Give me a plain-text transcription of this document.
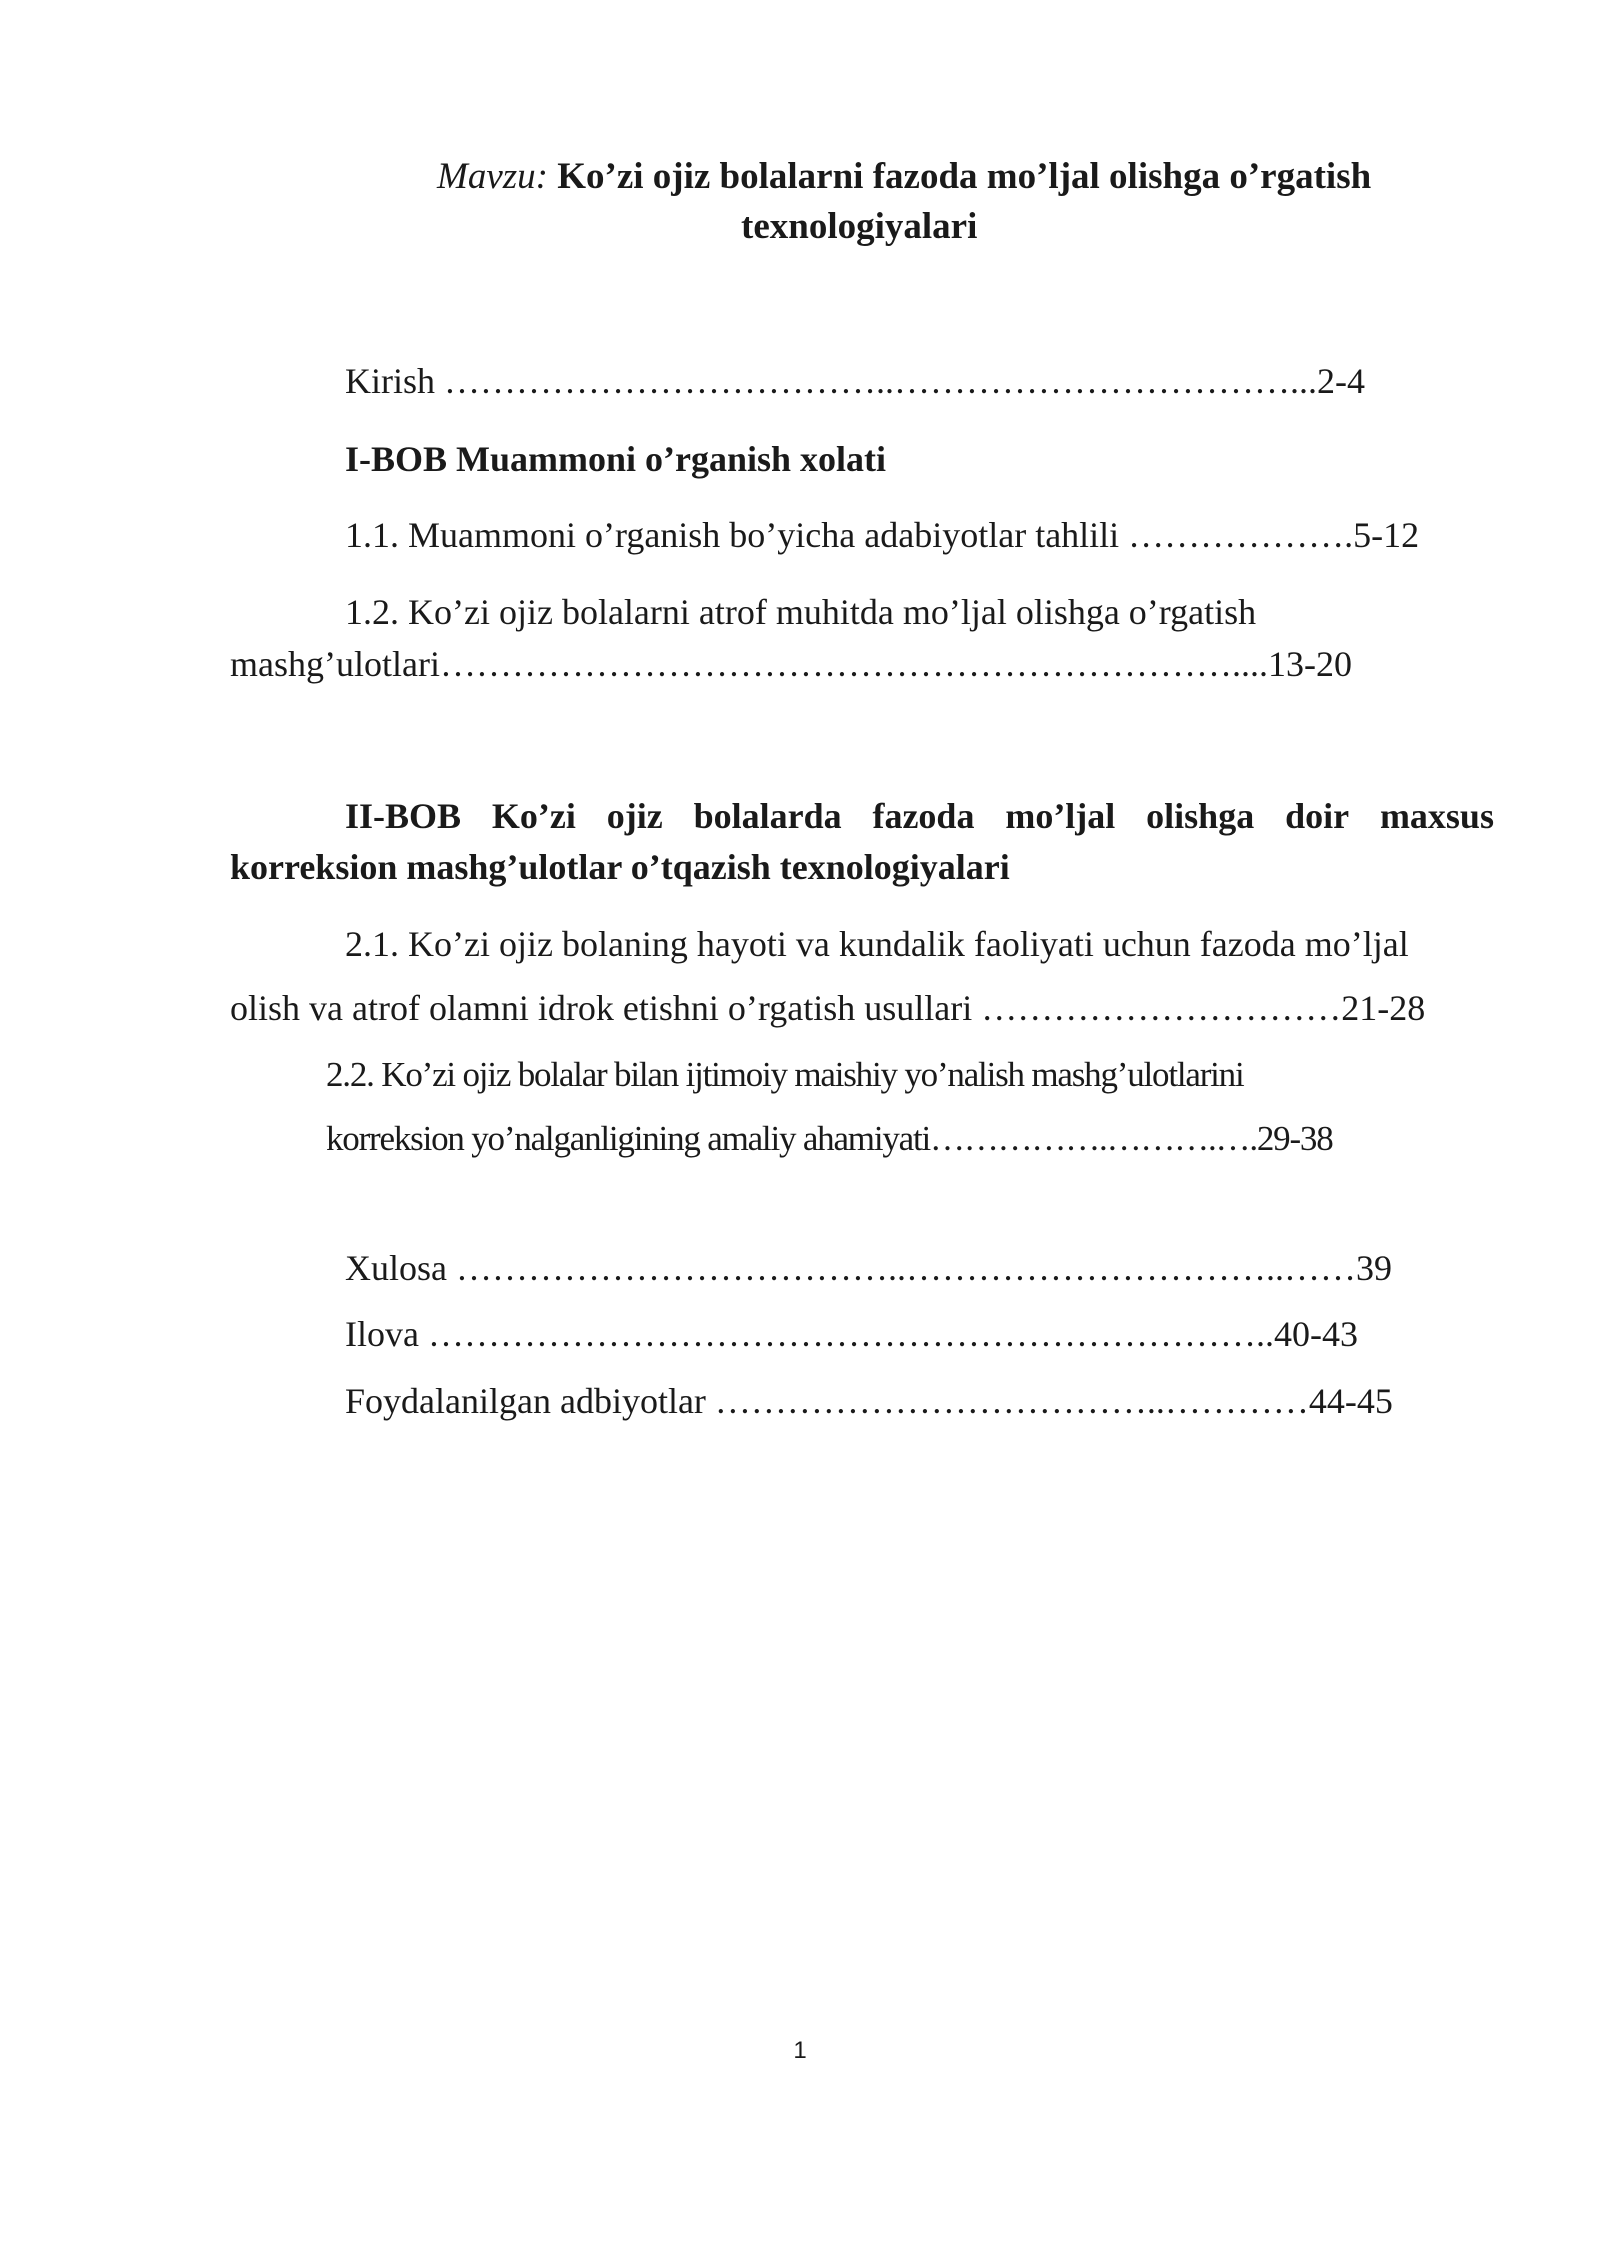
Mavzu: Ko’zi ojiz bolalarni fazoda mo’ljal olishga o’rgatish
texnologiyalari
Kirish ………………………………..……………………………...2-4
I-BOB Muammoni o’rganish xolati
1.1. Muammoni o’rganish bo’yicha adabiyotlar tahlili ……………….5-12
1.2. Ko’zi ojiz bolalarni atrof muhitda mo’ljal olishga o’rgatish
mashg’ulotlari…………………………………………………………....13-20
II-BOB Ko’zi ojiz bolalarda fazoda mo’ljal olishga doir maxsus
korreksion mashg’ulotlar o’tqazish texnologiyalari
2.1. Ko’zi ojiz bolaning hayoti va kundalik faoliyati uchun fazoda mo’ljal
olish va atrof olamni idrok etishni o’rgatish usullari …………………………21-28
2.2. Ko’zi ojiz bolalar bilan ijtimoiy maishiy yo’nalish mashg’ulotlarini
korreksion yo’nalganligining amaliy ahamiyati…………….……….….29-38
Xulosa ………………………………..…………………………..……39
Ilova ……………………………………………………………..40-43
Foydalanilgan adbiyotlar ………………………………..…………44-45
1
